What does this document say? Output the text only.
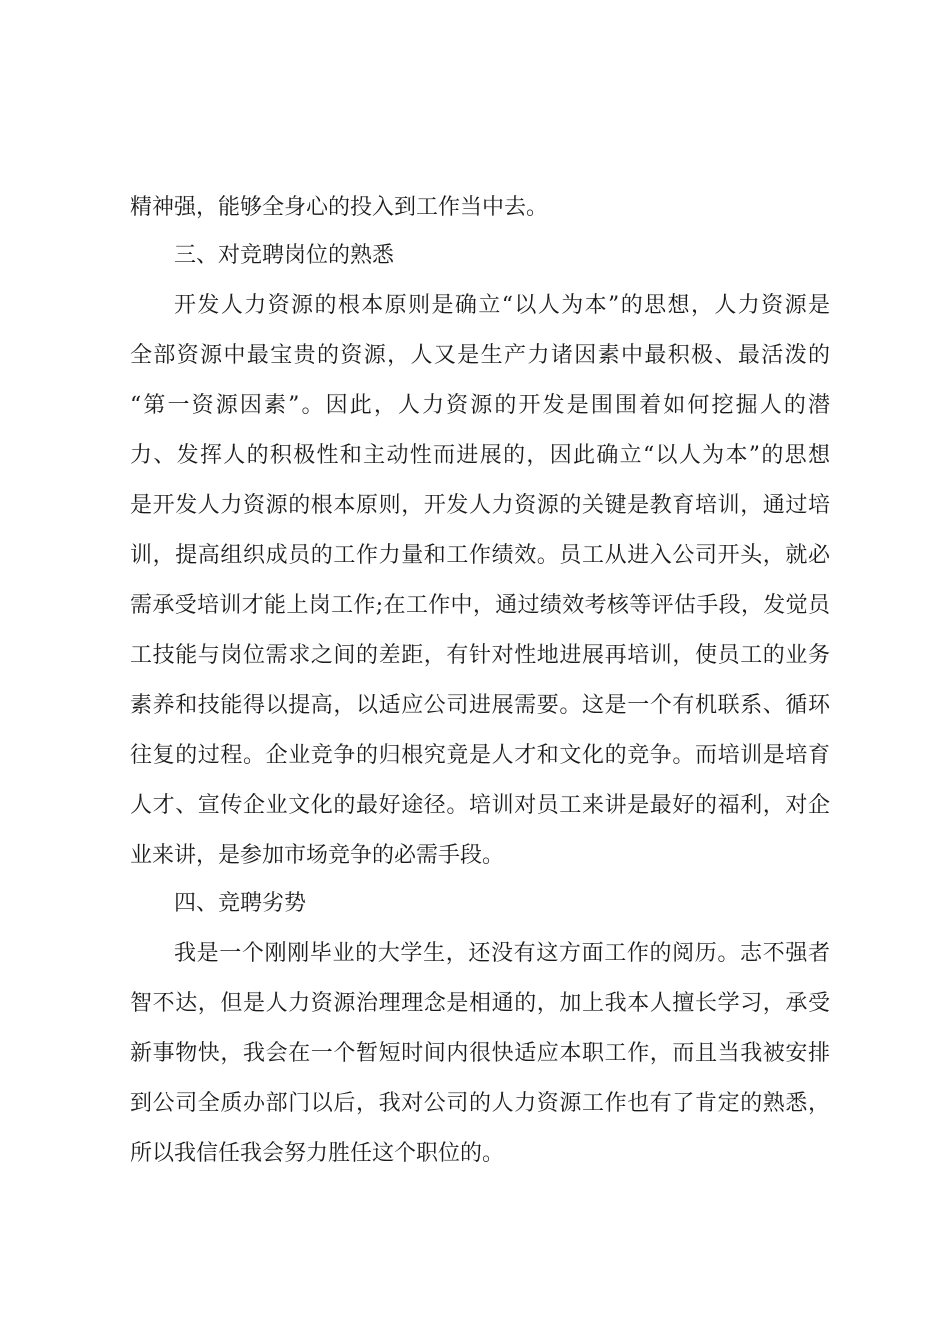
精神强，能够全身心的投入到工作当中去。
三、对竞聘岗位的熟悉
开发人力资源的根本原则是确立“以人为本”的思想，人力资源是
全部资源中最宝贵的资源，人又是生产力诸因素中最积极、最活泼的
“第一资源因素”。因此，人力资源的开发是围围着如何挖掘人的潜
力、发挥人的积极性和主动性而进展的，因此确立“以人为本”的思想
是开发人力资源的根本原则，开发人力资源的关键是教育培训，通过培
训，提高组织成员的工作力量和工作绩效。员工从进入公司开头，就必
需承受培训才能上岗工作;在工作中，通过绩效考核等评估手段，发觉员
工技能与岗位需求之间的差距，有针对性地进展再培训，使员工的业务
素养和技能得以提高，以适应公司进展需要。这是一个有机联系、循环
往复的过程。企业竞争的归根究竟是人才和文化的竞争。而培训是培育
人才、宣传企业文化的最好途径。培训对员工来讲是最好的福利，对企
业来讲，是参加市场竞争的必需手段。
四、竞聘劣势
我是一个刚刚毕业的大学生，还没有这方面工作的阅历。志不强者
智不达，但是人力资源治理理念是相通的，加上我本人擅长学习，承受
新事物快，我会在一个暂短时间内很快适应本职工作，而且当我被安排
到公司全质办部门以后，我对公司的人力资源工作也有了肯定的熟悉，
所以我信任我会努力胜任这个职位的。
